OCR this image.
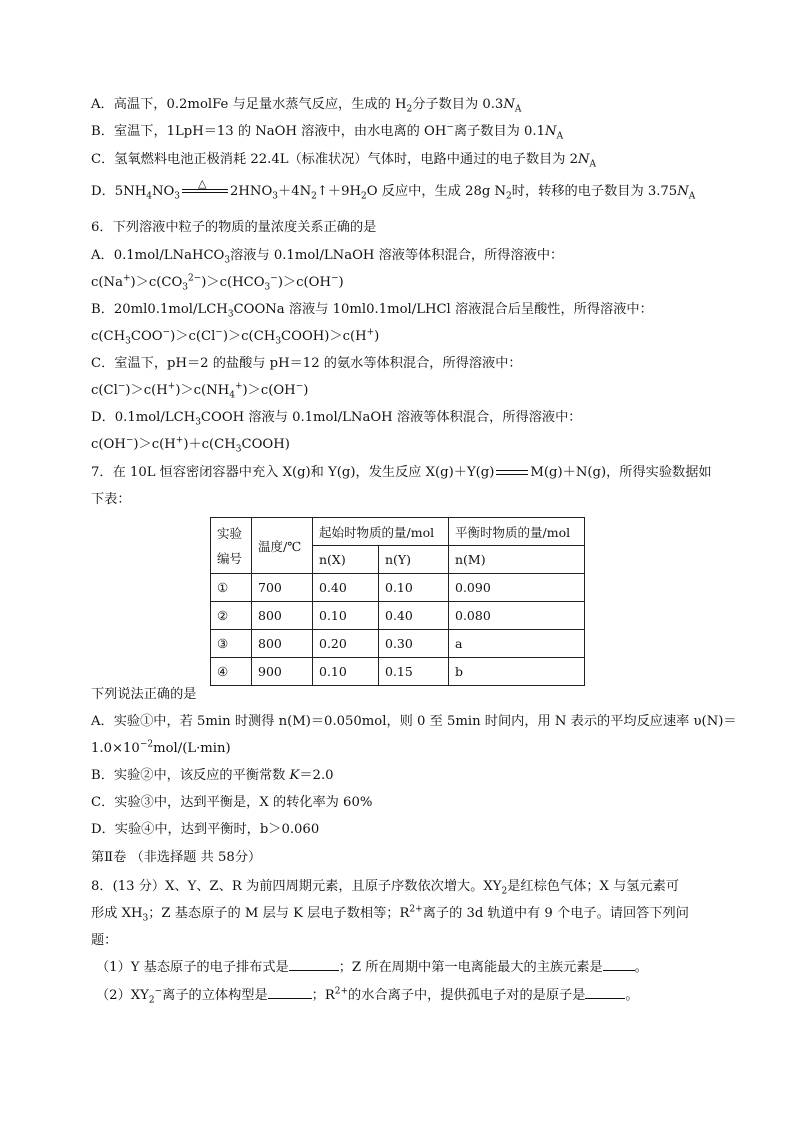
A．高温下，0.2molFe 与足量水蒸气反应，生成的 $H_2$分子数目为 $0.3N_A$
B．室温下，1LpH＝13 的 NaOH 溶液中，由水电离的 OH−离子数目为 $0.1N_A$
C．氢氧燃料电池正极消耗 22.4L（标准状况）气体时，电路中通过的电子数目为 $2N_A$
D．$5NH_4NO_3$
△
$2HNO_3+4N_2↑+9H_2O$ 反应中，生成 28g $N_2$时，转移的电子数目为 $3.75N_A$
6．下列溶液中粒子的物质的量浓度关系正确的是
A．0.1mol/LNaHCO$_3$溶液与 0.1mol/LNaOH 溶液等体积混合，所得溶液中：
$c(Na^+)>c(CO_3^{2-})>c(HCO_3^-)>c(OH^-)$
B．$20ml0.1mol/LCH_3COONa$ 溶液与 10ml0.1mol/LHCl 溶液混合后呈酸性，所得溶液中：
$c(CH_3COO^-)>c(Cl^-)>c(CH_3COOH)>c(H^+)$
C．室温下，pH＝2 的盐酸与 pH＝12 的氨水等体积混合，所得溶液中：
$c(Cl^-)>c(H^+)>c(NH_4^+)>c(OH^-)$
D．$0.1mol/LCH_3COOH$ 溶液与 0.1mol/LNaOH 溶液等体积混合，所得溶液中：
$c(OH^-)>c(H^+)+c(CH_3COOH)$
7．在 10L 恒容密闭容器中充入 X(g)和 Y(g)，发生反应 X(g)＋Y(g)	M(g)＋N(g)，所得实验数据如
下表：
实验
编号	温度/℃	起始时物质的量/mol		平衡时物质的量/mol
		n(X)	n(Y)	n(M)
①	700	0.40	0.10	0.090
②	800	0.10	0.40	0.080
③	800	0.20	0.30	a
④	900	0.10	0.15	b
下列说法正确的是
A．实验①中，若 5min 时测得 n(M)＝0.050mol，则 0 至 5min 时间内，用 N 表示的平均反应速率 υ(N)＝
$1.0\times 10^{-2}mol/(L\cdot\min)$
B．实验②中，该反应的平衡常数 K＝2.0
C．实验③中，达到平衡是，X 的转化率为 60%
D．实验④中，达到平衡时，b＞0.060
第Ⅱ卷 （非选择题 共 58分）
8．(13 分）X、Y、Z、R 为前四周期元素，且原子序数依次增大。$XY_2$是红棕色气体；X 与氢元素可
形成 $XH_3$；Z 基态原子的 M 层与 K 层电子数相等；$R^{2+}$离子的 3d 轨道中有 9 个电子。请回答下列问
题：
（1）Y 基态原子的电子排布式是	；Z 所在周期中第一电离能最大的主族元素是 。
$(2)XY_2^-$离子的立体构型是	；$R^{2+}$的水合离子中，提供孤电子对的是原子是	。
